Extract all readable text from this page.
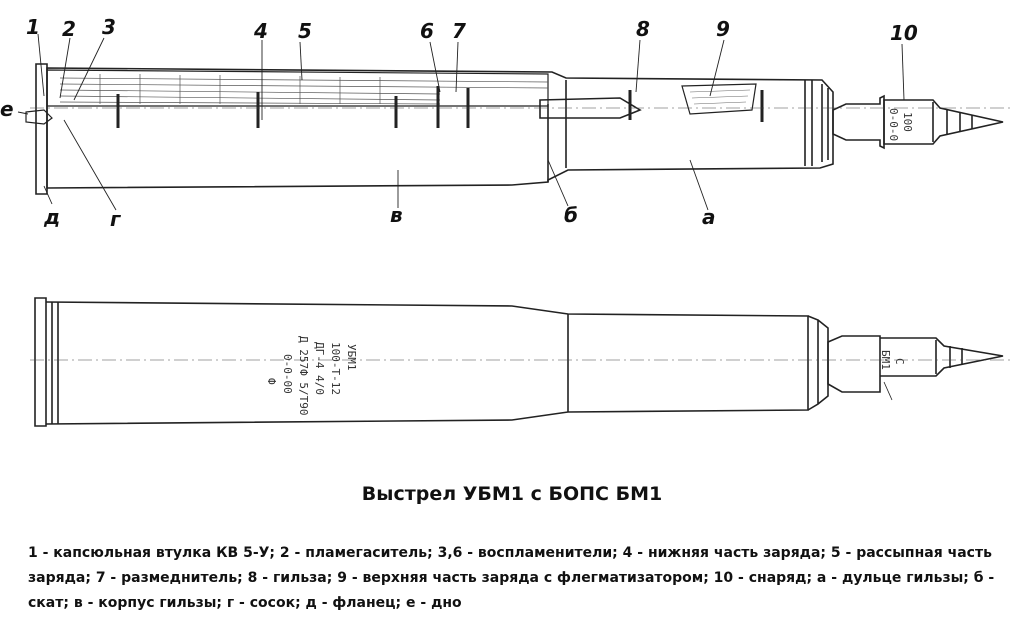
1 2 3	4 5	6 7	8	9	10
е
д г	в	б	а
УБМ1
100-Т-12
ДГ-4 4/0
Д 257Ф 5/Т90
0-0-00
Ф
100
0-0-0
С
БМ1
Выстрел УБМ1 с БОПС БМ1

1 - капсюльная втулка КВ 5-У; 2 - пламегаситель; 3,6 - воспламенители; 4 - нижняя часть заряда; 5 - рассыпная часть заряда; 7 - размеднитель; 8 - гильза; 9 - верхняя часть заряда с флегматизатором; 10 - снаряд; а - дульце гильзы; б - скат; в - корпус гильзы; г - сосок; д - фланец; е - дно
